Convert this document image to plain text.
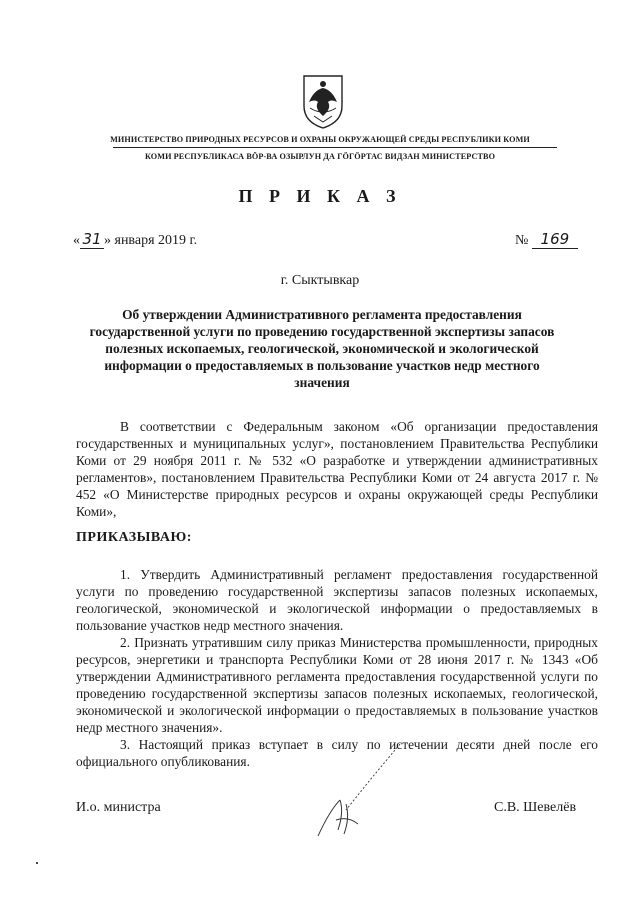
МИНИСТЕРСТВО ПРИРОДНЫХ РЕСУРСОВ И ОХРАНЫ ОКРУЖАЮЩЕЙ СРЕДЫ РЕСПУБЛИКИ КОМИ
КОМИ РЕСПУБЛИКАСА ВӦР-ВА ОЗЫРЛУН ДА ГӦГӦРТАС ВИДЗАН МИНИСТЕРСТВО
П Р И К А З
« 31 » января 2019 г.	№ 169
г. Сыктывкар
Об утверждении Административного регламента предоставления государственной услуги по проведению государственной экспертизы запасов полезных ископаемых, геологической, экономической и экологической информации о предоставляемых в пользование участков недр местного значения
В соответствии с Федеральным законом «Об организации предоставления государственных и муниципальных услуг», постановлением Правительства Республики Коми от 29 ноября 2011 г. № 532 «О разработке и утверждении административных регламентов», постановлением Правительства Республики Коми от 24 августа 2017 г. № 452 «О Министерстве природных ресурсов и охраны окружающей среды Республики Коми»,
ПРИКАЗЫВАЮ:

1. Утвердить Административный регламент предоставления государственной услуги по проведению государственной экспертизы запасов полезных ископаемых, геологической, экономической и экологической информации о предоставляемых в пользование участков недр местного значения.

2. Признать утратившим силу приказ Министерства промышленности, природных ресурсов, энергетики и транспорта Республики Коми от 28 июня 2017 г. № 1343 «Об утверждении Административного регламента предоставления государственной услуги по проведению государственной экспертизы запасов полезных ископаемых, геологической, экономической и экологической информации о предоставляемых в пользование участков недр местного значения».

3. Настоящий приказ вступает в силу по истечении десяти дней после его официального опубликования.

И.о. министра	С.В. Шевелёв
